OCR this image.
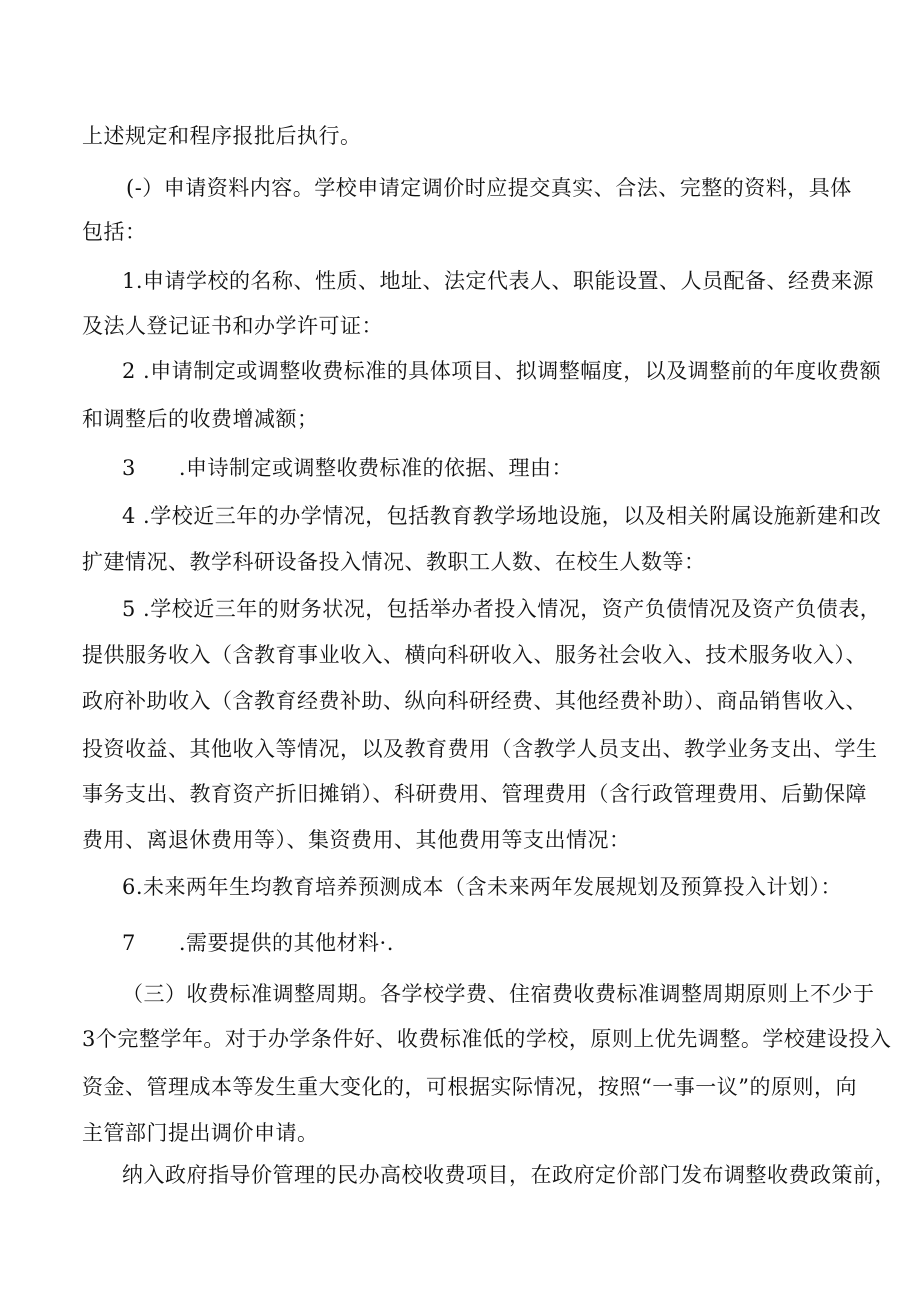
上述规定和程序报批后执行。
(-）申请资料内容。学校申请定调价时应提交真实、合法、完整的资料，具体
包括：
1.申请学校的名称、性质、地址、法定代表人、职能设置、人员配备、经费来源
及法人登记证书和办学许可证：
2 .申请制定或调整收费标准的具体项目、拟调整幅度，以及调整前的年度收费额
和调整后的收费增减额；
3　　.申诗制定或调整收费标准的依据、理由：
4 .学校近三年的办学情况，包括教育教学场地设施，以及相关附属设施新建和改
扩建情况、教学科研设备投入情况、教职工人数、在校生人数等：
5 .学校近三年的财务状况，包括举办者投入情况，资产负债情况及资产负债表，
提供服务收入（含教育事业收入、横向科研收入、服务社会收入、技术服务收入）、
政府补助收入（含教育经费补助、纵向科研经费、其他经费补助）、商品销售收入、
投资收益、其他收入等情况，以及教育费用（含教学人员支出、教学业务支出、学生
事务支出、教育资产折旧摊销）、科研费用、管理费用（含行政管理费用、后勤保障
费用、离退休费用等）、集资费用、其他费用等支出情况：
6.未来两年生均教育培养预测成本（含未来两年发展规划及预算投入计划）：
7　　.需要提供的其他材料·.
（三）收费标准调整周期。各学校学费、住宿费收费标准调整周期原则上不少于
3个完整学年。对于办学条件好、收费标准低的学校，原则上优先调整。学校建设投入
资金、管理成本等发生重大变化的，可根据实际情况，按照“一事一议”的原则，向
主管部门提出调价申请。
纳入政府指导价管理的民办高校收费项目，在政府定价部门发布调整收费政策前，
